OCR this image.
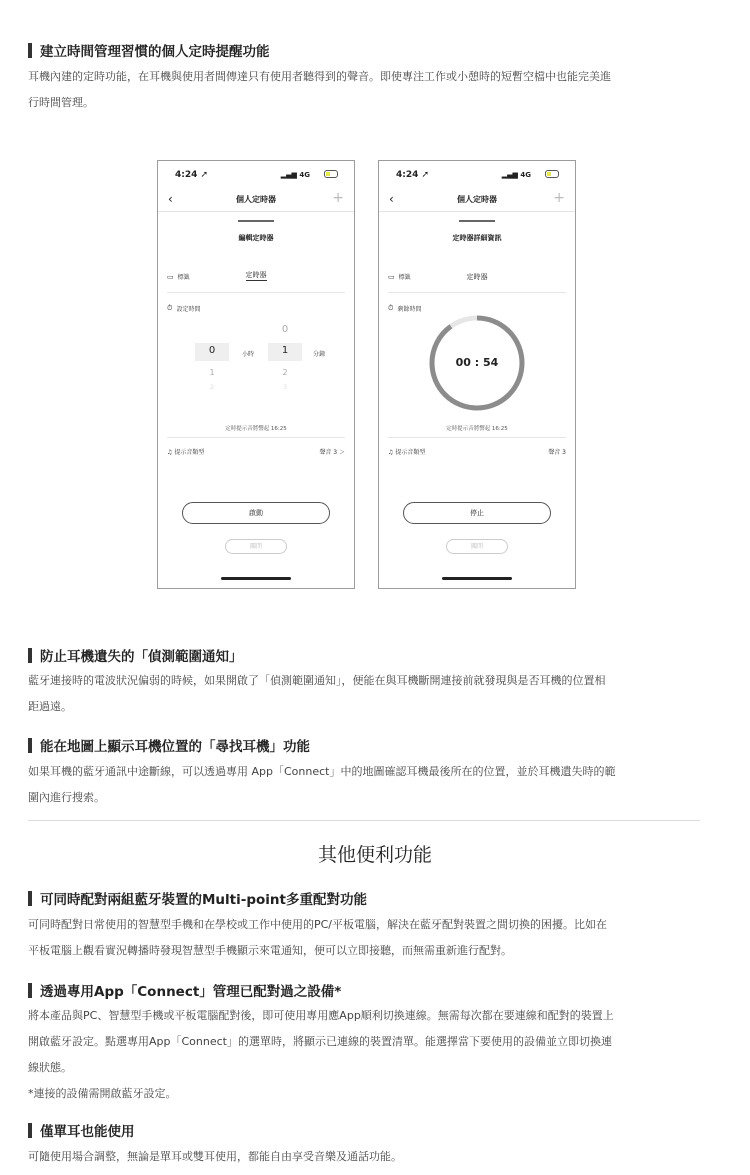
建立時間管理習慣的個人定時提醒功能
耳機內建的定時功能，在耳機與使用者間傳達只有使用者聽得到的聲音。即使專注工作或小憩時的短暫空檔中也能完美進
行時間管理。
4:24 ➚	▂▄▆ 4G
‹	個人定時器	+
編輯定時器
▭ 標籤	定時器
⏱ 設定時間
0
0	小時	1	分鐘
1	2
2	3
定時提示音將響起 16:25
♫ 提示音類型	聲音 3 ＞
啟動
關閉
4:24 ➚	▂▄▆ 4G
‹	個人定時器	+
定時器詳細資訊
▭ 標籤	定時器
⏱ 剩餘時間
00 : 54
定時提示音將響起 16:25
♫ 提示音類型	聲音 3
停止
關閉
防止耳機遺失的「偵測範圍通知」
藍牙連接時的電波狀況偏弱的時候，如果開啟了「偵測範圍通知」，便能在與耳機斷開連接前就發現與是否耳機的位置相
距過遠。
能在地圖上顯示耳機位置的「尋找耳機」功能
如果耳機的藍牙通訊中途斷線，可以透過專用 App「Connect」中的地圖確認耳機最後所在的位置，並於耳機遺失時的範
圍內進行搜索。
其他便利功能
可同時配對兩組藍牙裝置的Multi-point多重配對功能
可同時配對日常使用的智慧型手機和在學校或工作中使用的PC/平板電腦，解決在藍牙配對裝置之間切換的困擾。比如在
平板電腦上觀看實況轉播時發現智慧型手機顯示來電通知，便可以立即接聽，而無需重新進行配對。
透過專用App「Connect」管理已配對過之設備*
將本產品與PC、智慧型手機或平板電腦配對後，即可使用專用應App順利切換連線。無需每次都在要連線和配對的裝置上
開啟藍牙設定。點選專用App「Connect」的選單時，將顯示已連線的裝置清單。能選擇當下要使用的設備並立即切換連
線狀態。
*連接的設備需開啟藍牙設定。
僅單耳也能使用
可隨使用場合調整，無論是單耳或雙耳使用，都能自由享受音樂及通話功能。
